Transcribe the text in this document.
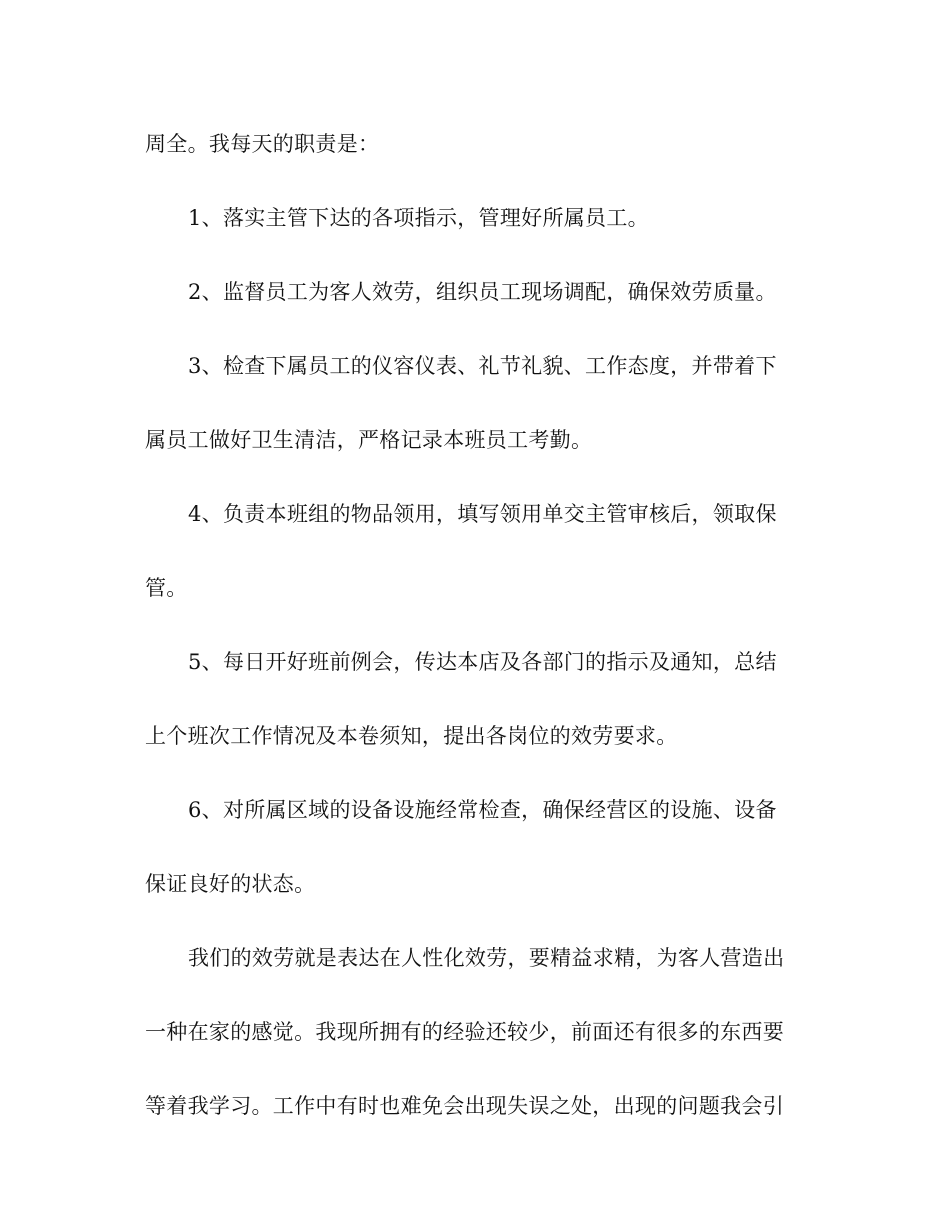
周全。我每天的职责是：
1、落实主管下达的各项指示，管理好所属员工。
2、监督员工为客人效劳，组织员工现场调配，确保效劳质量。
3、检查下属员工的仪容仪表、礼节礼貌、工作态度，并带着下
属员工做好卫生清洁，严格记录本班员工考勤。
4、负责本班组的物品领用，填写领用单交主管审核后，领取保
管。
5、每日开好班前例会，传达本店及各部门的指示及通知，总结
上个班次工作情况及本卷须知，提出各岗位的效劳要求。
6、对所属区域的设备设施经常检查，确保经营区的设施、设备
保证良好的状态。
我们的效劳就是表达在人性化效劳，要精益求精，为客人营造出
一种在家的感觉。我现所拥有的经验还较少，前面还有很多的东西要
等着我学习。工作中有时也难免会出现失误之处，出现的问题我会引
